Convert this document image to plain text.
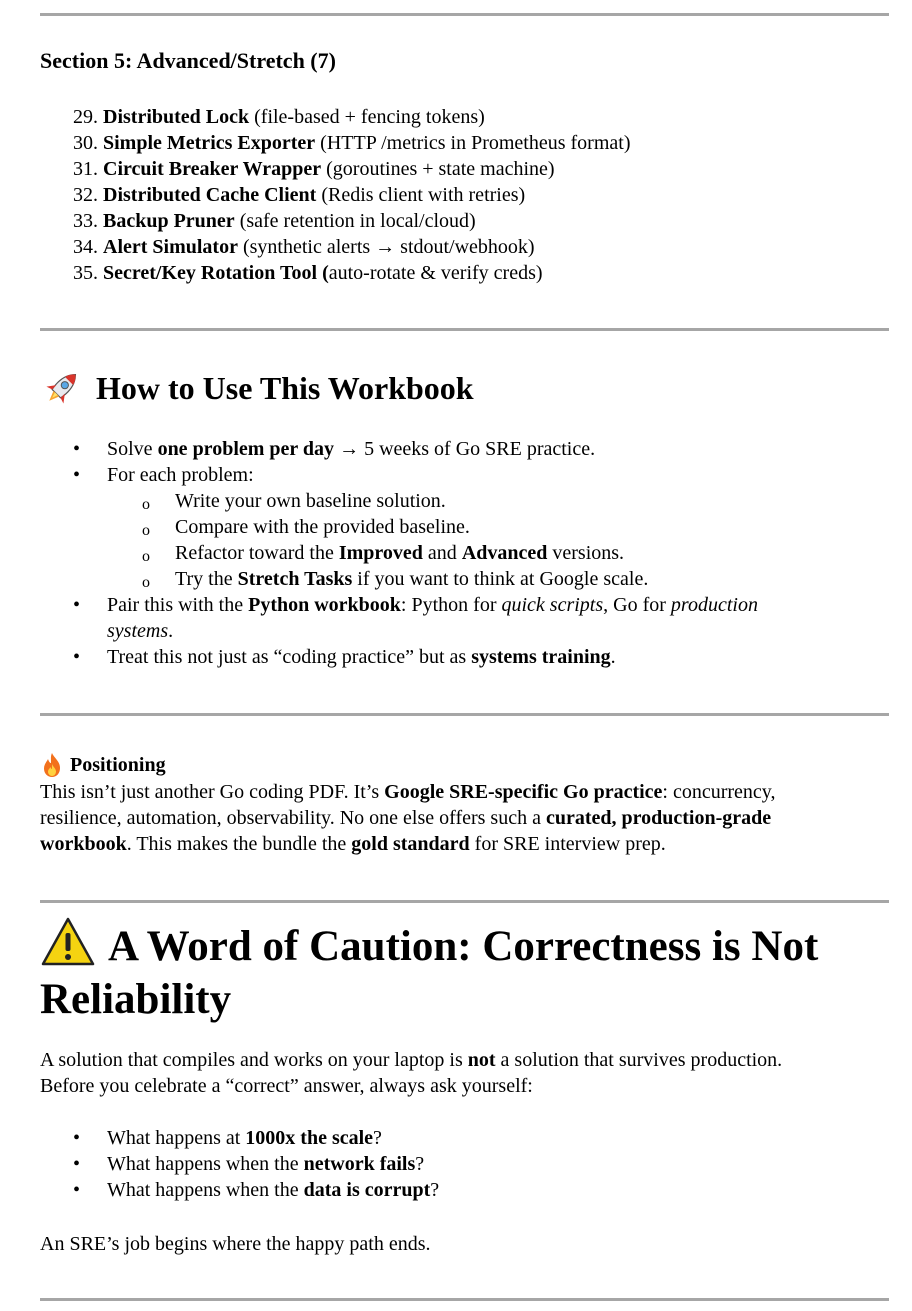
Section 5: Advanced/Stretch (7)
29. Distributed Lock (file-based + fencing tokens)
30. Simple Metrics Exporter (HTTP /metrics in Prometheus format)
31. Circuit Breaker Wrapper (goroutines + state machine)
32. Distributed Cache Client (Redis client with retries)
33. Backup Pruner (safe retention in local/cloud)
34. Alert Simulator (synthetic alerts → stdout/webhook)
35. Secret/Key Rotation Tool (auto-rotate & verify creds)
How to Use This Workbook
• Solve one problem per day → 5 weeks of Go SRE practice.
• For each problem:
o Write your own baseline solution.
o Compare with the provided baseline.
o Refactor toward the Improved and Advanced versions.
o Try the Stretch Tasks if you want to think at Google scale.
• Pair this with the Python workbook: Python for quick scripts, Go for production
systems.
• Treat this not just as “coding practice” but as systems training.
Positioning
This isn’t just another Go coding PDF. It’s Google SRE-specific Go practice: concurrency,
resilience, automation, observability. No one else offers such a curated, production-grade
workbook. This makes the bundle the gold standard for SRE interview prep.
A Word of Caution: Correctness is Not
Reliability
A solution that compiles and works on your laptop is not a solution that survives production.
Before you celebrate a “correct” answer, always ask yourself:
• What happens at 1000x the scale?
• What happens when the network fails?
• What happens when the data is corrupt?
An SRE’s job begins where the happy path ends.
